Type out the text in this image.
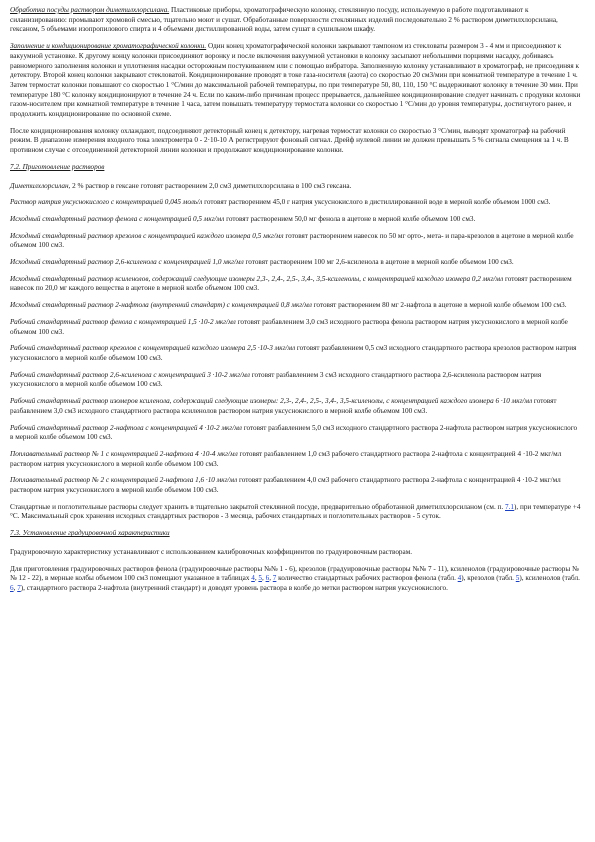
Обработка посуды раствором диметилхлорсилана. Пластиковые приборы, хроматографическую колонку, стеклянную посуду, используемую в работе подготавливают к силанизированию: промывают хромовой смесью, тщательно моют и сушат. Обработанные поверхности стеклянных изделий последовательно 2 % раствором диметилхлорсилана, гексаном, 5 объемами изопропилового спирта и 4 объемами дистиллированной воды, затем сушат в сушильном шкафу.

Заполнение и кондиционирование хроматографической колонки. Один конец хроматографической колонки закрывают тампоном из стекловаты размером 3 - 4 мм и присоединяют к вакуумной установке. К другому концу колонки присоединяют воронку и после включения вакуумной установки в колонку засыпают небольшими порциями насадку, добиваясь равномерного заполнения колонки и уплотнения насадки осторожным постукиванием или с помощью вибратора. Заполненную колонку устанавливают в хроматограф, не присоединяя к детектору. Второй конец колонки закрывают стекловатой. Кондиционирование проводят в токе газа-носителя (азота) со скоростью 20 см3/мин при комнатной температуре в течение 1 ч. Затем термостат колонки повышают со скоростью 1 °С/мин до максимальной рабочей температуры, по при температуре 50, 80, 110, 150 °С выдерживают колонку в течение 30 мин. При температуре 180 °С колонку кондиционируют в течение 24 ч. Если по каким-либо причинам процесс прерывается, дальнейшее кондиционирование следует начинать с продувки колонки газом-носителем при комнатной температуре в течение 1 часа, затем повышать температуру термостата колонки со скоростью 1 °С/мин до уровня температуры, достигнутого ранее, и продолжить кондиционирование по основной схеме.

После кондиционирования колонку охлаждают, подсоединяют детекторный конец к детектору, нагревая термостат колонки со скоростью 3 °С/мин, выводят хроматограф на рабочий режим. В диапазоне измерения входного тока электрометра 0 - 2·10-10 А регистрируют фоновый сигнал. Дрейф нулевой линии не должен превышать 5 % сигнала смещения за 1 ч. В противном случае с отсоединенной детекторной линии колонки и продолжают кондиционирование колонки.

7.2. Приготовление растворов

Диметилхлорсилан, 2 % раствор в гексане готовят растворением 2,0 см3 диметилхлорсилана в 100 см3 гексана.

Раствор натрия уксуснокислого с концентрацией 0,045 моль/л готовят растворением 45,0 г натрия уксуснокислого в дистиллированной воде в мерной колбе объемом 1000 см3.

Исходный стандартный раствор фенола с концентрацией 0,5 мкг/мл готовят растворением 50,0 мг фенола в ацетоне в мерной колбе объемом 100 см3.

Исходный стандартный раствор крезолов с концентрацией каждого изомера 0,5 мкг/мл готовят растворением навесок по 50 мг орто-, мета- и пара-крезолов в ацетоне в мерной колбе объемом 100 см3.

Исходный стандартный раствор 2,6-ксиленола с концентрацией 1,0 мкг/мл готовят растворением 100 мг 2,6-ксиленола в ацетоне в мерной колбе объемом 100 см3.

Исходный стандартный раствор ксиленолов, содержащий следующие изомеры 2,3-, 2,4-, 2,5-, 3,4-, 3,5-ксиленолы, с концентрацией каждого изомера 0,2 мкг/мл готовят растворением навесок по 20,0 мг каждого вещества в ацетоне в мерной колбе объемом 100 см3.

Исходный стандартный раствор 2-нафтола (внутренний стандарт) с концентрацией 0,8 мкг/мл готовят растворением 80 мг 2-нафтола в ацетоне в мерной колбе объемом 100 см3.

Рабочий стандартный раствор фенола с концентрацией 1,5 ·10-2 мкг/мл готовят разбавлением 3,0 см3 исходного раствора фенола раствором натрия уксуснокислого в мерной колбе объемом 100 см3.

Рабочий стандартный раствор крезолов с концентрацией каждого изомера 2,5 ·10-3 мкг/мл готовят разбавлением 0,5 см3 исходного стандартного раствора крезолов раствором натрия уксуснокислого в мерной колбе объемом 100 см3.

Рабочий стандартный раствор 2,6-ксиленола с концентрацией 3 ·10-2 мкг/мл готовят разбавлением 3 см3 исходного стандартного раствора 2,6-ксиленола раствором натрия уксуснокислого в мерной колбе объемом 100 см3.

Рабочий стандартный раствор изомеров ксиленола, содержащий следующие изомеры: 2,3-, 2,4-, 2,5-, 3,4-, 3,5-ксиленолы, с концентрацией каждого изомера 6 ·10 мкг/мл готовят разбавлением 3,0 см3 исходного стандартного раствора ксиленолов раствором натрия уксуснокислого в мерной колбе объемом 100 см3.

Рабочий стандартный раствор 2-нафтола с концентрацией 4 ·10-2 мкг/мл готовят разбавлением 5,0 см3 исходного стандартного раствора 2-нафтола раствором натрия уксуснокислого в мерной колбе объемом 100 см3.

Поплавательный раствор № 1 с концентрацией 2-нафтола 4 ·10-4 мкг/мл готовят разбавлением 1,0 см3 рабочего стандартного раствора 2-нафтола с концентрацией 4 ·10-2 мкг/мл раствором натрия уксуснокислого в мерной колбе объемом 100 см3.

Поплавательный раствор № 2 с концентрацией 2-нафтола 1,6 ·10 мкг/мл готовят разбавлением 4,0 см3 рабочего стандартного раствора 2-нафтола с концентрацией 4 ·10-2 мкг/мл раствором натрия уксуснокислого в мерной колбе объемом 100 см3.

Стандартные и поглотительные растворы следует хранить в тщательно закрытой стеклянной посуде, предварительно обработанной диметилхлорсиланом (см. п. 7.1), при температуре +4 °С. Максимальный срок хранения исходных стандартных растворов - 3 месяца, рабочих стандартных и поглотительных растворов - 5 суток.

7.3. Установление градуировочной характеристики

Градуировочную характеристику устанавливают с использованием калибровочных коэффициентов по градуировочным растворам.

Для приготовления градуировочных растворов фенола (градуировочные растворы №№ 1 - 6), крезолов (градуировочные растворы №№ 7 - 11), ксиленолов (градуировочные растворы №№ 12 - 22), в мерные колбы объемом 100 см3 помещают указанное в таблицах 4, 5, 6, 7 количество стандартных рабочих растворов фенола (табл. 4), крезолов (табл. 5), ксиленолов (табл. 6, 7), стандартного раствора 2-нафтола (внутренний стандарт) и доводят уровень раствора в колбе до метки раствором натрия уксуснокислого.
